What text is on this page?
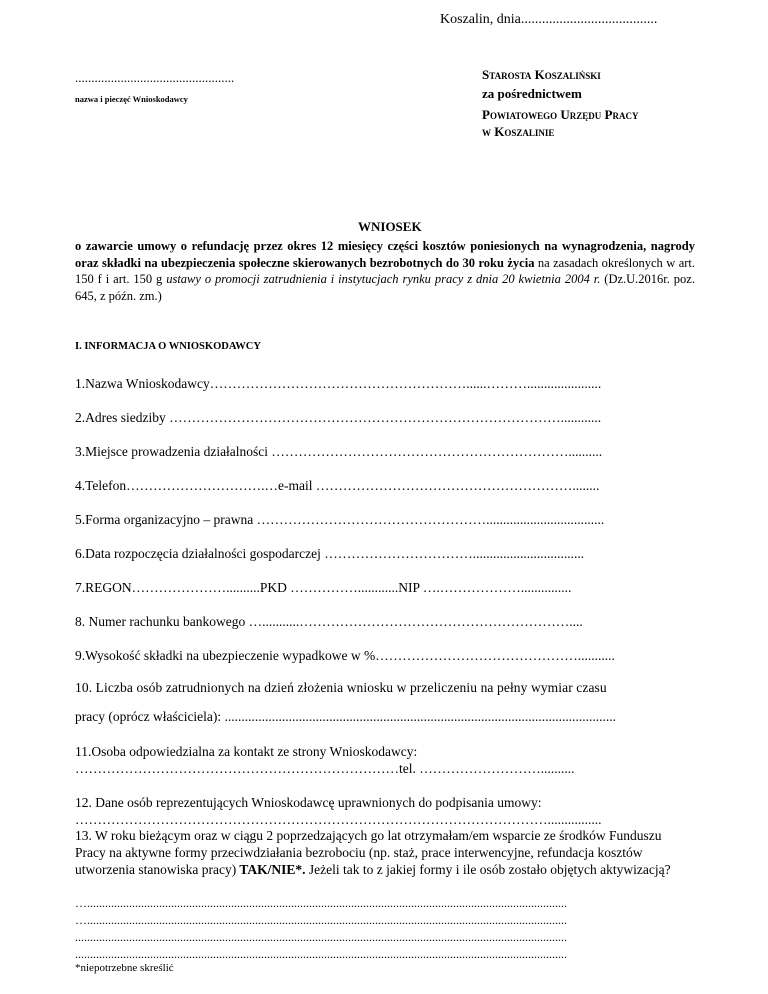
Koszalin, dnia.......................................
.................................................
nazwa i pieczęć Wnioskodawcy
Starosta Koszaliński
za pośrednictwem
Powiatowego Urzędu Pracy
w Koszalinie
WNIOSEK
o zawarcie umowy o refundację przez okres 12 miesięcy części kosztów poniesionych na wynagrodzenia, nagrody oraz składki na ubezpieczenia społeczne skierowanych bezrobotnych do 30 roku życia na zasadach określonych w art. 150 f i art. 150 g ustawy o promocji zatrudnienia i instytucjach rynku pracy z dnia 20 kwietnia 2004 r. (Dz.U.2016r. poz. 645, z późn. zm.)
I. INFORMACJA O WNIOSKODAWCY
1.Nazwa Wnioskodawcy…………………………………………………......………......................
2.Adres siedziby ……………………………………………………………………………............
3.Miejsce prowadzenia działalności …………………………………………………………..........
4.Telefon………………………….…e-mail …………………………………………………........
5.Forma organizacyjno – prawna ……………………………………………...................................
6.Data rozpoczęcia działalności gospodarczej …………………………….................................
7.REGON…………………..........PKD ……………............NIP ….………………...............
8. Numer rachunku bankowego …...........……………………………………………………....
9.Wysokość składki na ubezpieczenie wypadkowe w %………………………………………...........
10. Liczba osób zatrudnionych na dzień złożenia wniosku w przeliczeniu na pełny wymiar czasu
pracy (oprócz właściciela): ....................................................................................................................
11.Osoba odpowiedzialna za kontakt ze strony Wnioskodawcy:
………………………………………………………………tel. ………………………..........
12. Dane osób reprezentujących Wnioskodawcę uprawnionych do podpisania umowy:
……………………………………………………………………………………………................
13. W roku bieżącym oraz w ciągu 2 poprzedzających go lat otrzymałam/em wsparcie ze środków Funduszu Pracy na aktywne formy przeciwdziałania bezrobociu (np. staż, prace interwencyjne, refundacja kosztów utworzenia stanowiska pracy) TAK/NIE*. Jeżeli tak to z jakiej formy i ile osób zostało objętych aktywizacją?
…................................................................................................................................................................
…................................................................................................................................................................
....................................................................................................................................................................
....................................................................................................................................................................
*niepotrzebne skreślić
